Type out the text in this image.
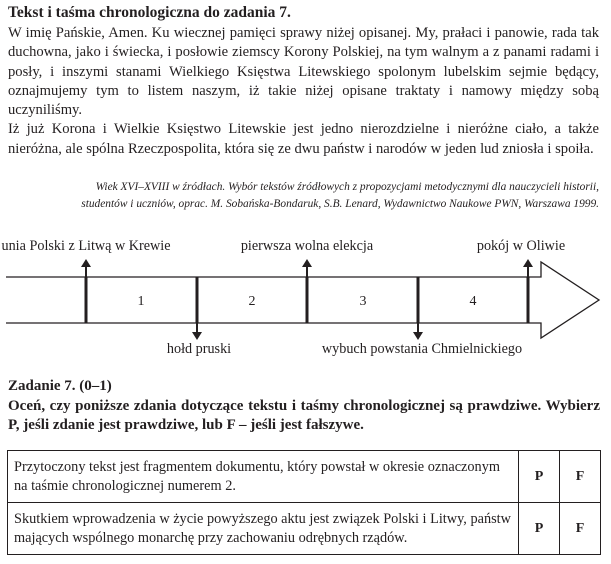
Tekst i taśma chronologiczna do zadania 7.

W imię Pańskie, Amen. Ku wiecznej pamięci sprawy niżej opisanej. My, prałaci i panowie, rada tak duchowna, jako i świecka, i posłowie ziemscy Korony Polskiej, na tym walnym a z panami radami i posły, i inszymi stanami Wielkiego Księstwa Litewskiego spolonym lubelskim sejmie będący, oznajmujemy tym to listem naszym, iż takie niżej opisane traktaty i namowy między sobą uczyniliśmy.

Iż już Korona i Wielkie Księstwo Litewskie jest jedno nierozdzielne i nieróżne ciało, a także nieróżna, ale spólna Rzeczpospolita, która się ze dwu państw i narodów w jeden lud zniosła i spoiła.

Wiek XVI–XVIII w źródłach. Wybór tekstów źródłowych z propozycjami metodycznymi dla nauczycieli historii,
studentów i uczniów, oprac. M. Sobańska-Bondaruk, S.B. Lenard, Wydawnictwo Naukowe PWN, Warszawa 1999.
unia Polski z Litwą w Krewie	pierwsza wolna elekcja	pokój w Oliwie
hołd pruski	wybuch powstania Chmielnickiego
1	2	3	4
Zadanie 7. (0–1)

Oceń, czy poniższe zdania dotyczące tekstu i taśmy chronologicznej są prawdziwe. Wybierz P, jeśli zdanie jest prawdziwe, lub F – jeśli jest fałszywe.

Przytoczony tekst jest fragmentem dokumentu, który powstał w okresie oznaczonym na taśmie chronologicznej numerem 2.	P	F
Skutkiem wprowadzenia w życie powyższego aktu jest związek Polski i Litwy, państw mających wspólnego monarchę przy zachowaniu odrębnych rządów.	P	F
